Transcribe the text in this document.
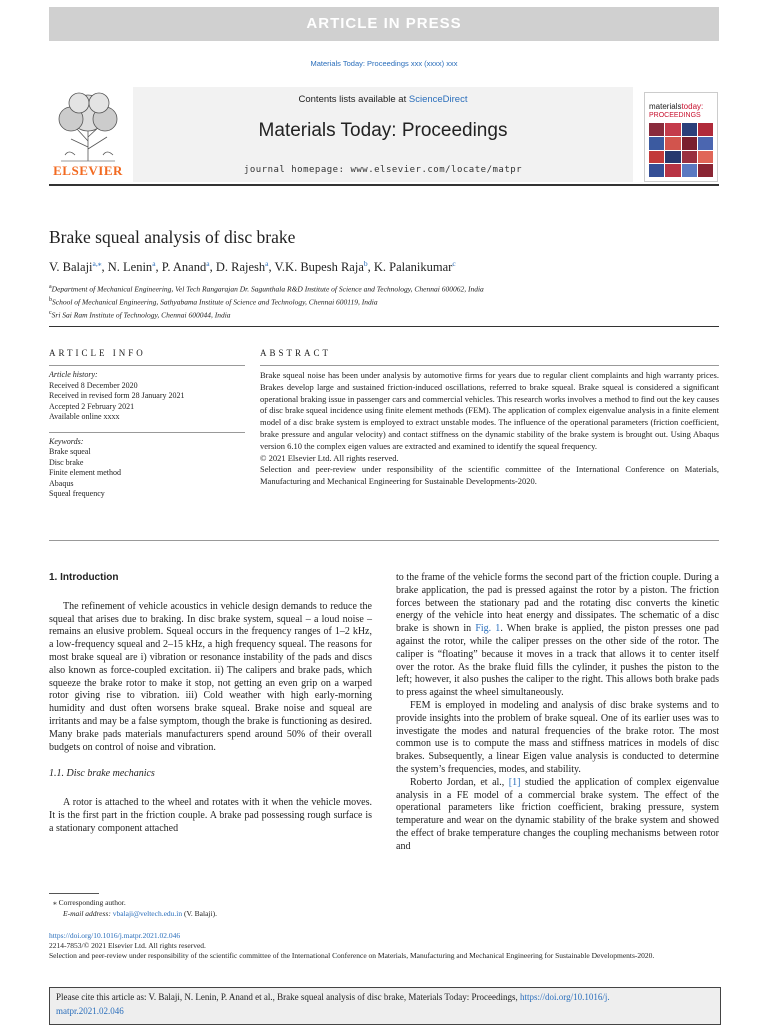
ARTICLE IN PRESS
Materials Today: Proceedings xxx (xxxx) xxx
ELSEVIER
Contents lists available at ScienceDirect
Materials Today: Proceedings
journal homepage: www.elsevier.com/locate/matpr
materialstoday:
PROCEEDINGS
Brake squeal analysis of disc brake
V. Balaji$^{a,⁎}$, N. Lenin$^a$, P. Anand$^a$, D. Rajesh$^a$, V.K. Bupesh Raja$^b$, K. Palanikumar$^c$
$^a$Department of Mechanical Engineering, Vel Tech Rangarajan Dr. Sagunthala R&D Institute of Science and Technology, Chennai 600062, India
$^b$School of Mechanical Engineering, Sathyabama Institute of Science and Technology, Chennai 600119, India
$^c$Sri Sai Ram Institute of Technology, Chennai 600044, India
ARTICLE INFO	ABSTRACT
Article history:
Received 8 December 2020
Received in revised form 28 January 2021
Accepted 2 February 2021
Available online xxxx
Keywords:
Brake squeal
Disc brake
Finite element method
Abaqus
Squeal frequency
Brake squeal noise has been under analysis by automotive firms for years due to regular client complaints and high warranty prices. Brakes develop large and sustained friction-induced oscillations, referred to brake squeal. Brake squeal is considered a significant operational braking issue in passenger cars and commercial vehicles. This research works involves a method to find out the key causes of disc brake squeal incidence using finite element methods (FEM). The application of complex eigenvalue analysis in a finite element model of a disc brake system is employed to extract unstable modes. The influence of the operational parameters (friction coefficient, brake pressure and angular velocity) and contact stiffness on the dynamic stability of the brake system is brought out. Using Abaqus version 6.10 the complex eigen values are extracted and examined to identify the squeal frequency.
© 2021 Elsevier Ltd. All rights reserved.
Selection and peer-review under responsibility of the scientific committee of the International Conference on Materials, Manufacturing and Mechanical Engineering for Sustainable Developments-2020.
1. Introduction

The refinement of vehicle acoustics in vehicle design demands to reduce the squeal that arises due to braking. In disc brake system, squeal – a loud noise – remains an elusive problem. Squeal occurs in the frequency ranges of 1–2 kHz, a low-frequency squeal and 2–15 kHz, a high frequency squeal. The reasons for most brake squeal are i) vibration or resonance instability of the pads and discs also known as force-coupled excitation. ii) The calipers and brake pads, which squeeze the brake rotor to make it stop, not getting an even grip on a warped rotor giving rise to vibration. iii) Cold weather with high early-morning humidity and dust often worsens brake squeal. Brake noise and squeal are irritants and may be a false symptom, though the brake is functioning as desired. Many brake pads materials manufacturers spend around 50% of their overall budgets on control of noise and vibration.

1.1. Disc brake mechanics

A rotor is attached to the wheel and rotates with it when the vehicle moves. It is the first part in the friction couple. A brake pad possessing rough surface is a stationary component attached

to the frame of the vehicle forms the second part of the friction couple. During a brake application, the pad is pressed against the rotor by a piston. The friction forces between the stationary pad and the rotating disc converts the kinetic energy of the vehicle into heat energy and dissipates. The schematic of a disc brake is shown in Fig. 1. When brake is applied, the piston presses one pad against the rotor, while the caliper presses on the other side of the rotor. The caliper is “floating” because it moves in a track that allows it to center itself over the rotor. As the brake fluid fills the cylinder, it pushes the piston to the left; however, it also pushes the caliper to the right. This allows both brake pads to press against the wheel simultaneously.

FEM is employed in modeling and analysis of disc brake systems and to provide insights into the problem of brake squeal. One of its earlier uses was to investigate the modes and natural frequencies of the brake rotor. The most common use is to compute the mass and stiffness matrices in models of disc brakes. Subsequently, a linear Eigen value analysis is conducted to determine the system’s frequencies, modes, and stability.

Roberto Jordan, et al., [1] studied the application of complex eigenvalue analysis in a FE model of a commercial brake system. The effect of the operational parameters like friction coefficient, braking pressure, system temperature and wear on the dynamic stability of the brake system and showed the effect of brake temperature changes the coupling mechanisms between rotor and

⁎ Corresponding author.
E-mail address: vbalaji@veltech.edu.in (V. Balaji).
https://doi.org/10.1016/j.matpr.2021.02.046
2214-7853/© 2021 Elsevier Ltd. All rights reserved.
Selection and peer-review under responsibility of the scientific committee of the International Conference on Materials, Manufacturing and Mechanical Engineering for Sustainable Developments-2020.
Please cite this article as: V. Balaji, N. Lenin, P. Anand et al., Brake squeal analysis of disc brake, Materials Today: Proceedings, https://doi.org/10.1016/j.
matpr.2021.02.046
